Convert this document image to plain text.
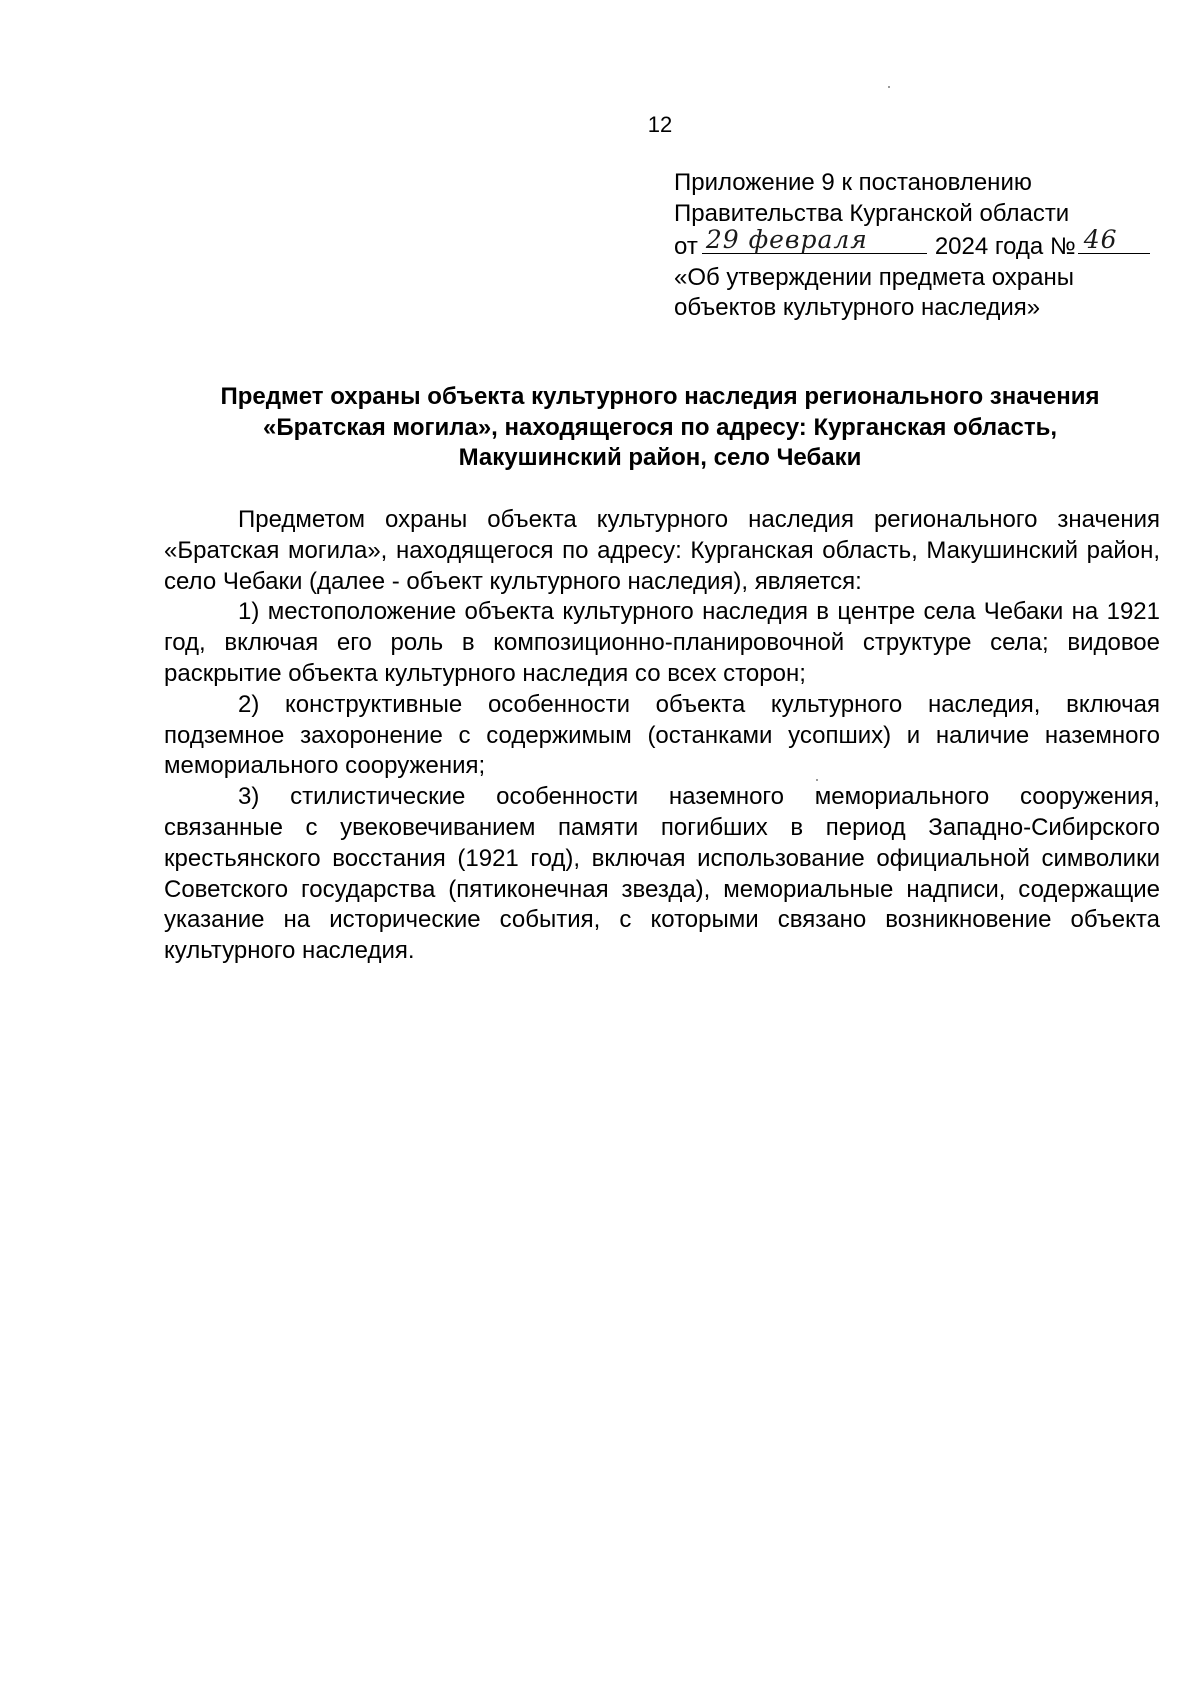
12
Приложение 9 к постановлению
Правительства Курганской области
от 29 февраля	2024 года № 46
«Об утверждении предмета охраны
объектов культурного наследия»
Предмет охраны объекта культурного наследия регионального значения
«Братская могила», находящегося по адресу: Курганская область,
Макушинский район, село Чебаки

Предметом охраны объекта культурного наследия регионального значения «Братская могила», находящегося по адресу: Курганская область, Макушинский район, село Чебаки (далее - объект культурного наследия), является:

1) местоположение объекта культурного наследия в центре села Чебаки на 1921 год, включая его роль в композиционно-планировочной структуре села; видовое раскрытие объекта культурного наследия со всех сторон;

2) конструктивные особенности объекта культурного наследия, включая подземное захоронение с содержимым (останками усопших) и наличие наземного мемориального сооружения;

3) стилистические особенности наземного мемориального сооружения, связанные с увековечиванием памяти погибших в период Западно-Сибирского крестьянского восстания (1921 год), включая использование официальной символики Советского государства (пятиконечная звезда), мемориальные надписи, содержащие указание на исторические события, с которыми связано возникновение объекта культурного наследия.
